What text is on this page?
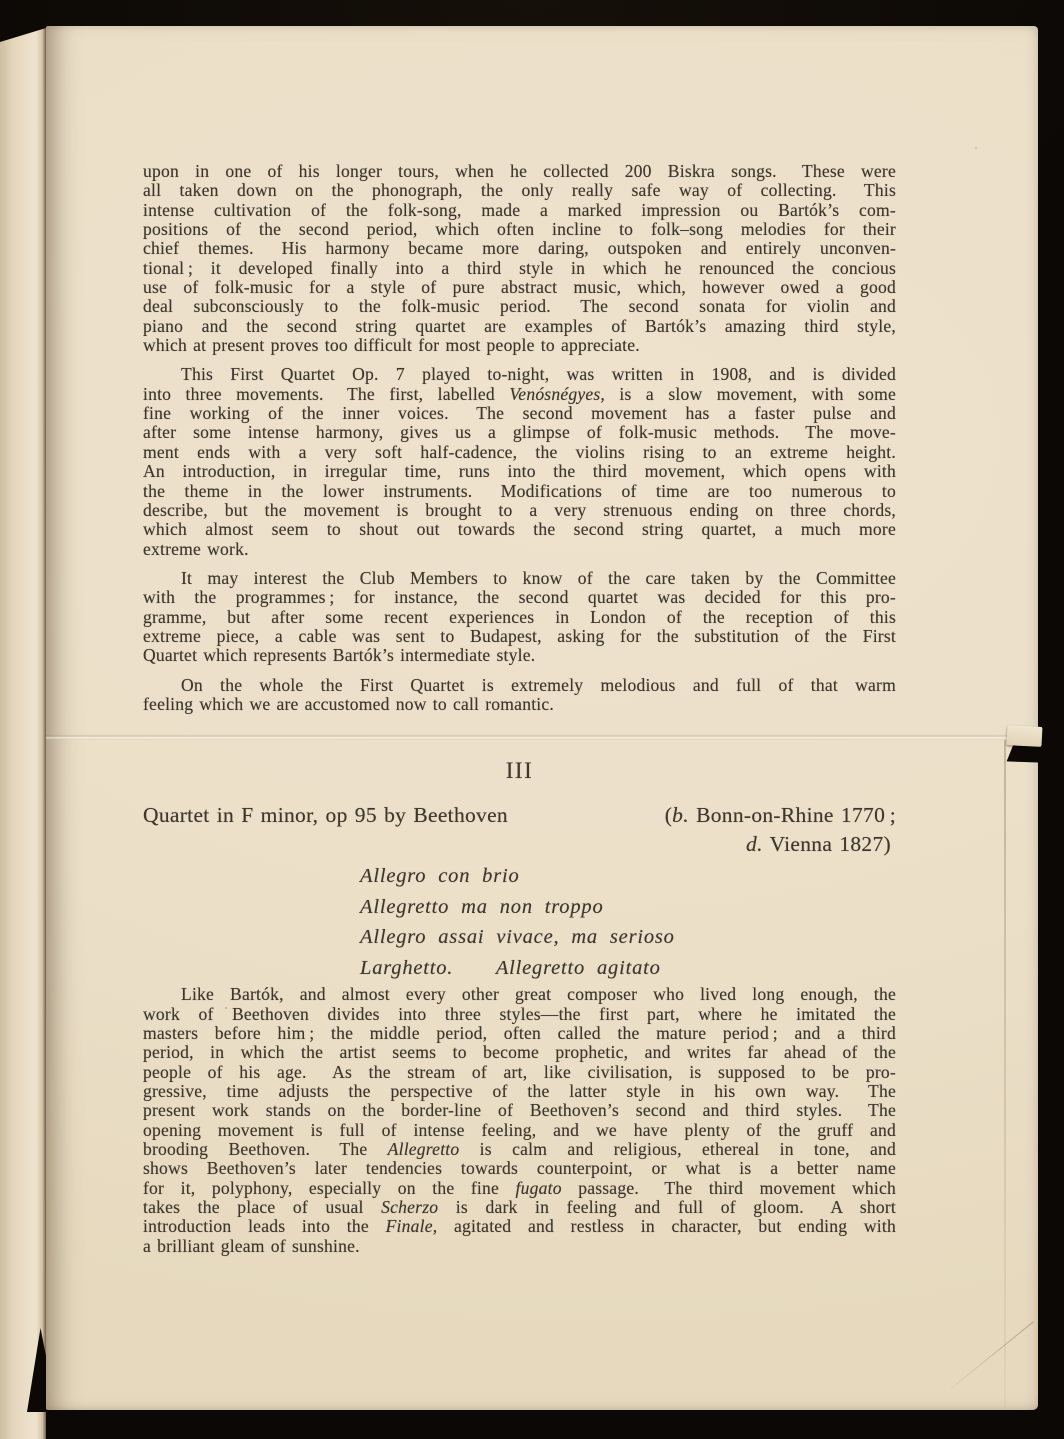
upon in one of his longer tours, when he collected 200 Biskra songs.  These were
all taken down on the phonograph, the only really safe way of collecting.  This
intense cultivation of the folk-song, made a marked impression ou Bartók’s com-
positions of the second period, which often incline to folk–song melodies for their
chief themes.  His harmony became more daring, outspoken and entirely unconven-
tional ; it developed finally into a third style in which he renounced the concious
use of folk-music for a style of pure abstract music, which, however owed a good
deal subconsciously to the folk-music period.  The second sonata for violin and
piano and the second string quartet are examples of Bartók’s amazing third style,
which at present proves too difficult for most people to appreciate.
This First Quartet Op. 7 played to-night, was written in 1908, and is divided
into three movements.  The first, labelled Venósnégyes, is a slow movement, with some
fine working of the inner voices.  The second movement has a faster pulse and
after some intense harmony, gives us a glimpse of folk-music methods.  The move-
ment ends with a very soft half-cadence, the violins rising to an extreme height.
An introduction, in irregular time, runs into the third movement, which opens with
the theme in the lower instruments.  Modifications of time are too numerous to
describe, but the movement is brought to a very strenuous ending on three chords,
which almost seem to shout out towards the second string quartet, a much more
extreme work.
It may interest the Club Members to know of the care taken by the Committee
with the programmes ; for instance, the second quartet was decided for this pro-
gramme, but after some recent experiences in London of the reception of this
extreme piece, a cable was sent to Budapest, asking for the substitution of the First
Quartet which represents Bartók’s intermediate style.
On the whole the First Quartet is extremely melodious and full of that warm
feeling which we are accustomed now to call romantic.
III
Quartet in F minor, op 95 by Beethoven	(b. Bonn-on-Rhine 1770 ;
d. Vienna 1827)
Allegro con brio
Allegretto ma non troppo
Allegro assai vivace, ma serioso
Larghetto.  Allegretto agitato
Like Bartók, and almost every other great composer who lived long enough, the
work of Beethoven divides into three styles—the first part, where he imitated the
masters before him ; the middle period, often called the mature period ; and a third
period, in which the artist seems to become prophetic, and writes far ahead of the
people of his age.  As the stream of art, like civilisation, is supposed to be pro-
gressive, time adjusts the perspective of the latter style in his own way.  The
present work stands on the border-line of Beethoven’s second and third styles.  The
opening movement is full of intense feeling, and we have plenty of the gruff and
brooding Beethoven.  The Allegretto is calm and religious, ethereal in tone, and
shows Beethoven’s later tendencies towards counterpoint, or what is a better name
for it, polyphony, especially on the fine fugato passage.  The third movement which
takes the place of usual Scherzo is dark in feeling and full of gloom.  A short
introduction leads into the Finale, agitated and restless in character, but ending with
a brilliant gleam of sunshine.
